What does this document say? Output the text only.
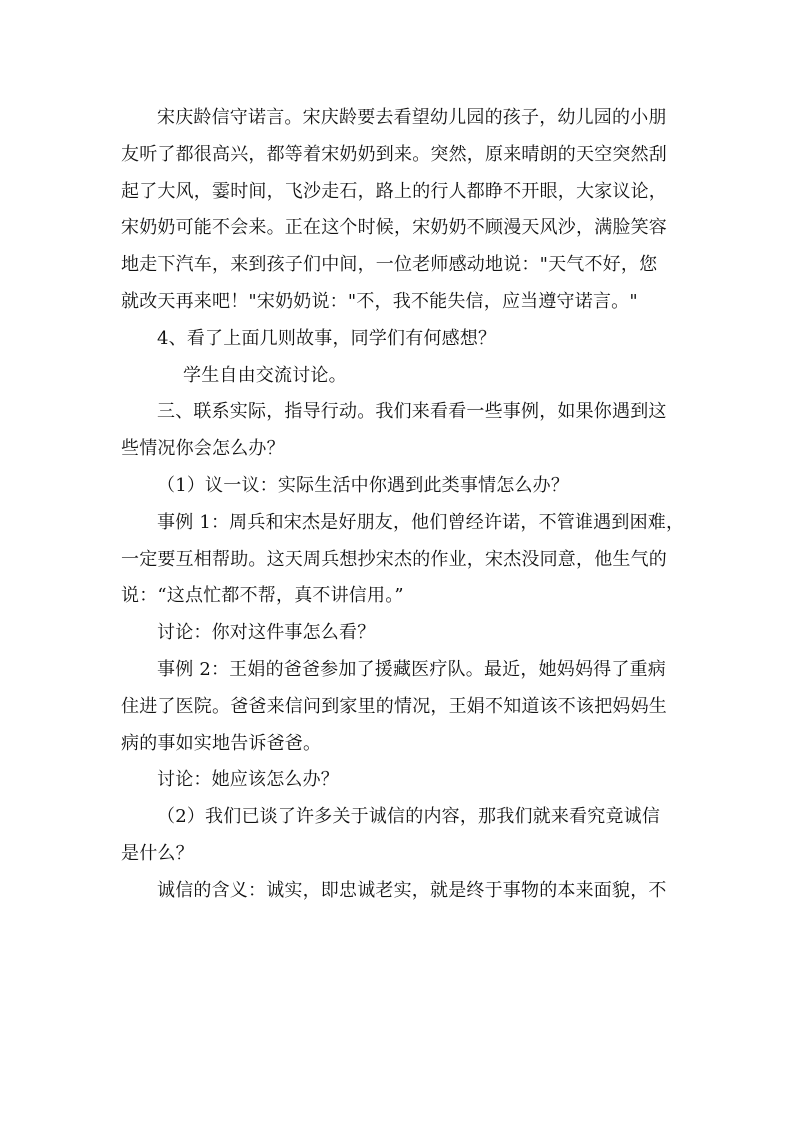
宋庆龄信守诺言。宋庆龄要去看望幼儿园的孩子，幼儿园的小朋
友听了都很高兴，都等着宋奶奶到来。突然，原来晴朗的天空突然刮
起了大风，霎时间，飞沙走石，路上的行人都睁不开眼，大家议论，
宋奶奶可能不会来。正在这个时候，宋奶奶不顾漫天风沙，满脸笑容
地走下汽车，来到孩子们中间，一位老师感动地说："天气不好，您
就改天再来吧！"宋奶奶说："不，我不能失信，应当遵守诺言。"
4、看了上面几则故事，同学们有何感想？
学生自由交流讨论。
三、联系实际，指导行动。我们来看看一些事例，如果你遇到这
些情况你会怎么办？
（1）议一议：实际生活中你遇到此类事情怎么办？
事例 1：周兵和宋杰是好朋友，他们曾经许诺，不管谁遇到困难，
一定要互相帮助。这天周兵想抄宋杰的作业，宋杰没同意，他生气的
说：“这点忙都不帮，真不讲信用。”
讨论：你对这件事怎么看？
事例 2：王娟的爸爸参加了援藏医疗队。最近，她妈妈得了重病
住进了医院。爸爸来信问到家里的情况，王娟不知道该不该把妈妈生
病的事如实地告诉爸爸。
讨论：她应该怎么办？
（2）我们已谈了许多关于诚信的内容，那我们就来看究竟诚信
是什么？
诚信的含义：诚实，即忠诚老实，就是终于事物的本来面貌，不
